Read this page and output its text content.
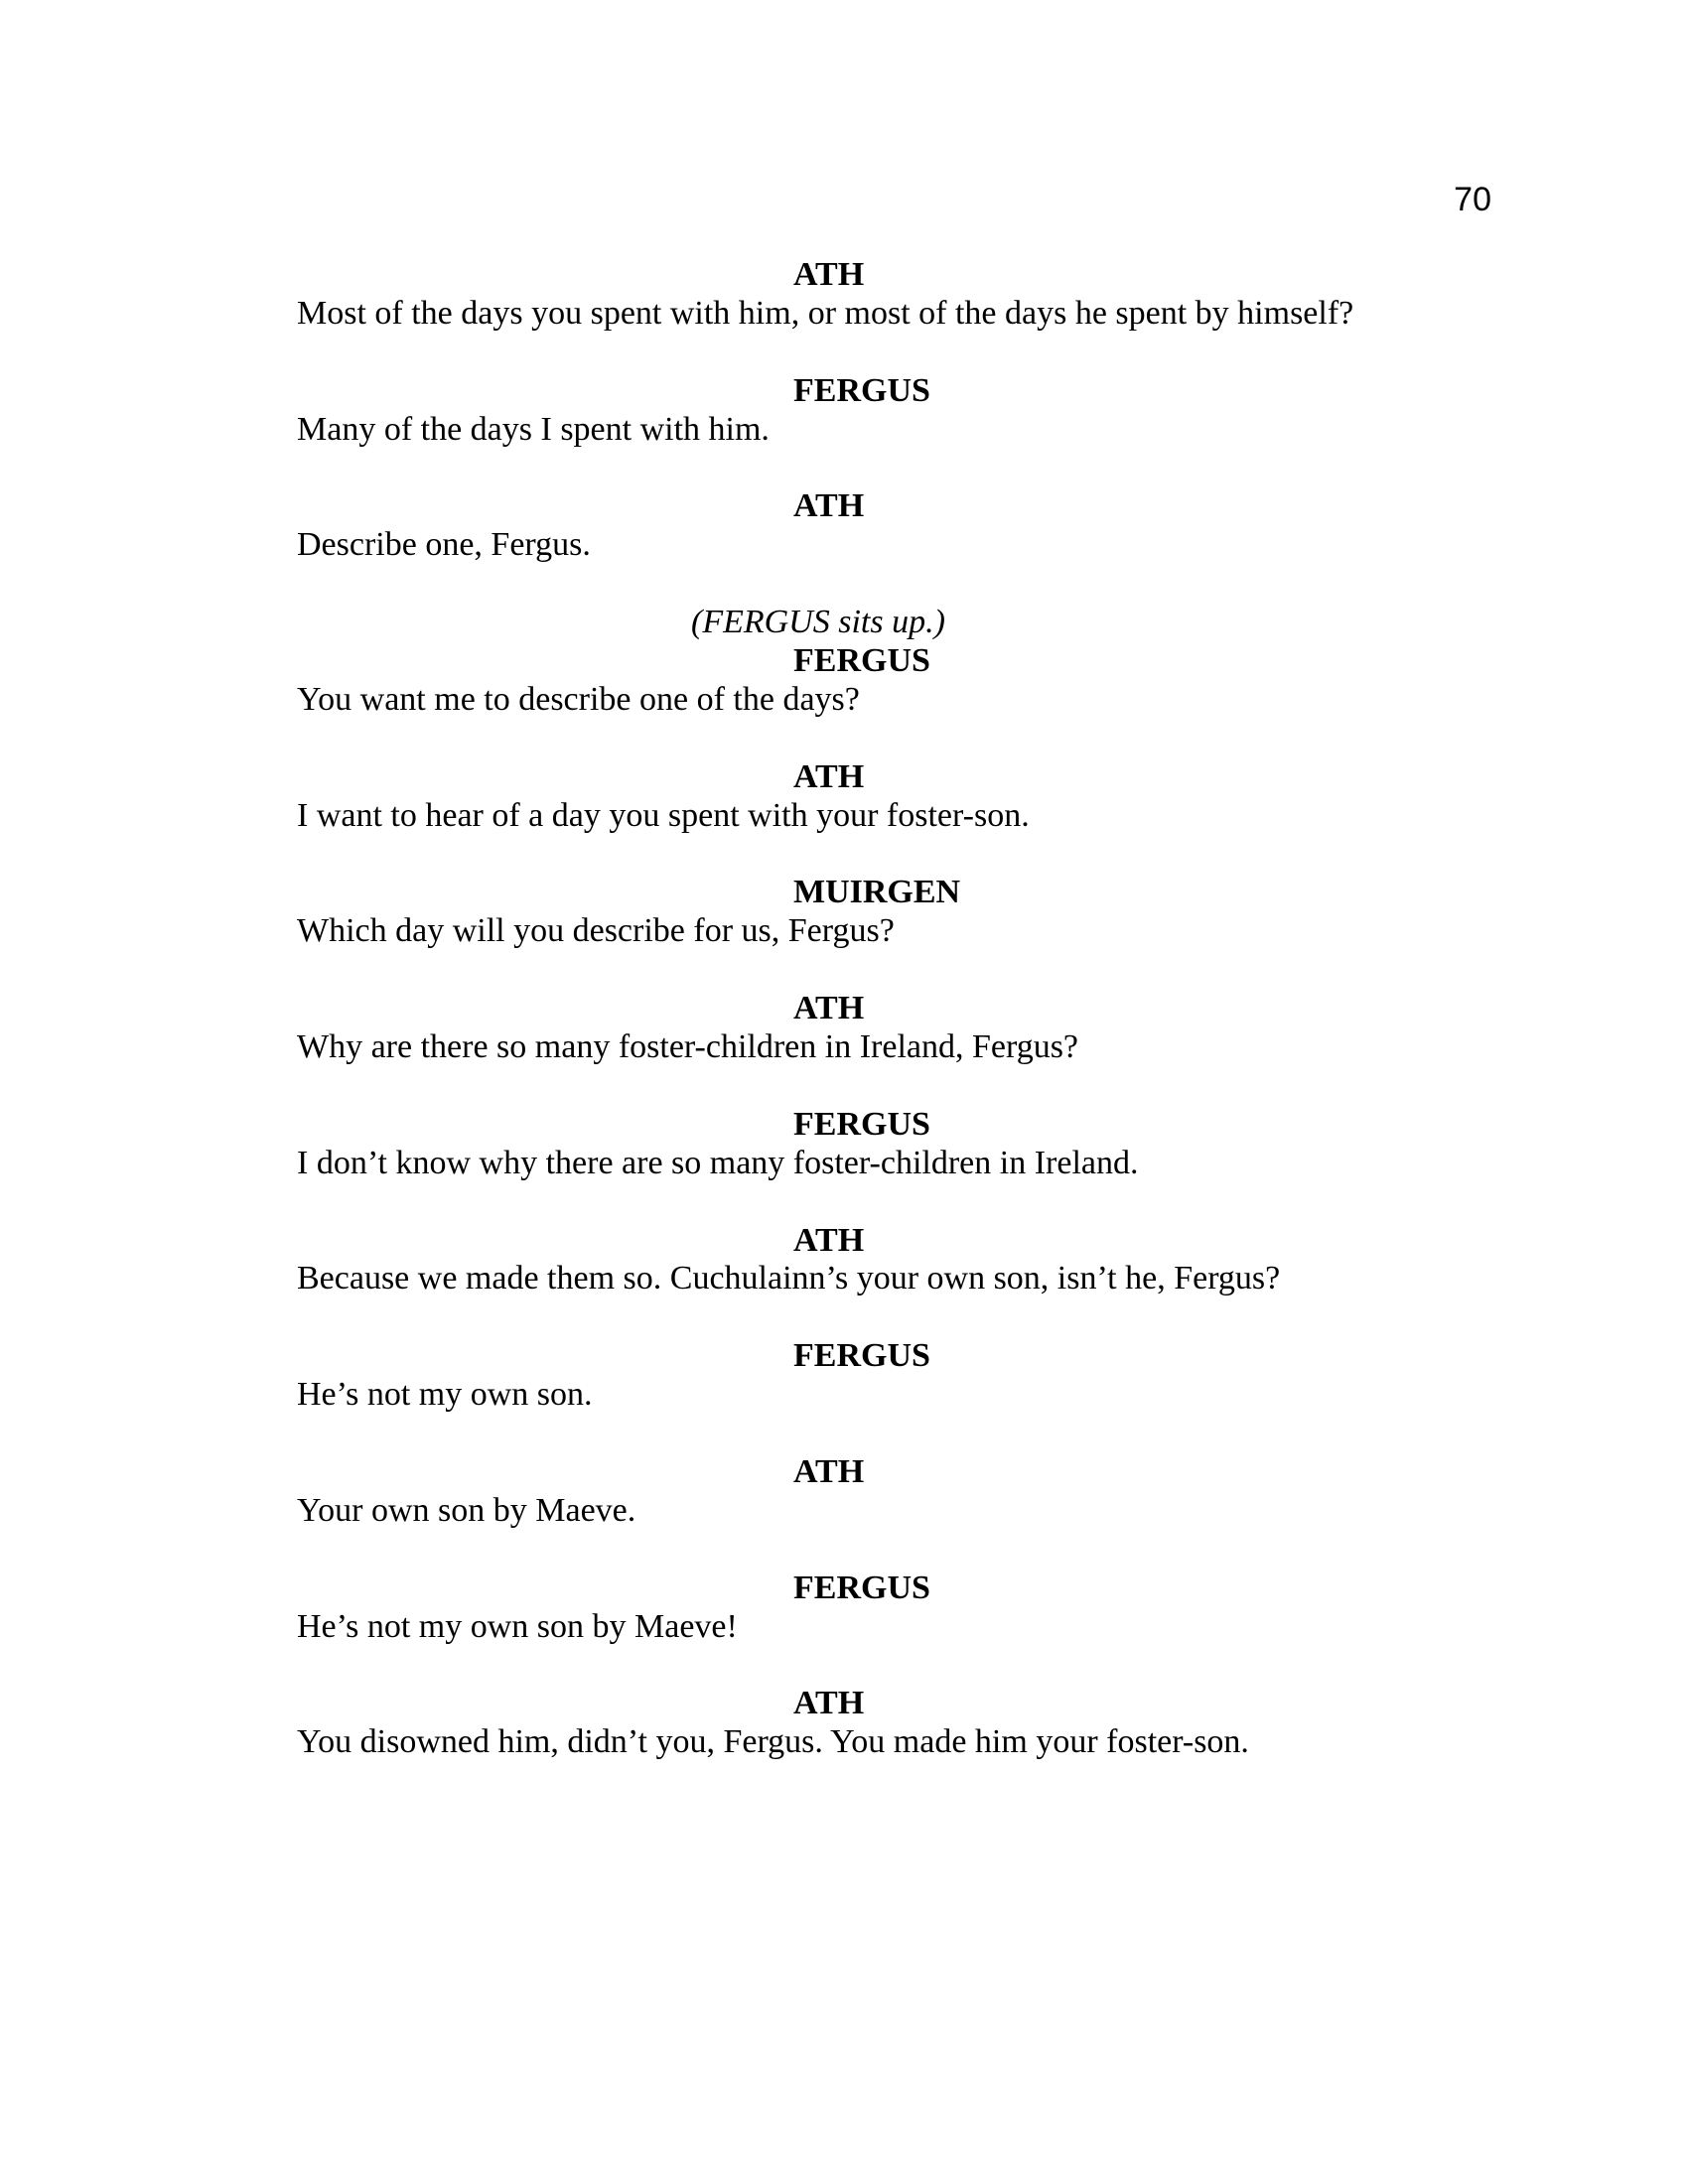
70
ATH
Most of the days you spent with him, or most of the days he spent by himself?
FERGUS
Many of the days I spent with him.
ATH
Describe one, Fergus.
(FERGUS sits up.)
FERGUS
You want me to describe one of the days?
ATH
I want to hear of a day you spent with your foster-son.
MUIRGEN
Which day will you describe for us, Fergus?
ATH
Why are there so many foster-children in Ireland, Fergus?
FERGUS
I don’t know why there are so many foster-children in Ireland.
ATH
Because we made them so. Cuchulainn’s your own son, isn’t he, Fergus?
FERGUS
He’s not my own son.
ATH
Your own son by Maeve.
FERGUS
He’s not my own son by Maeve!
ATH
You disowned him, didn’t you, Fergus. You made him your foster-son.
